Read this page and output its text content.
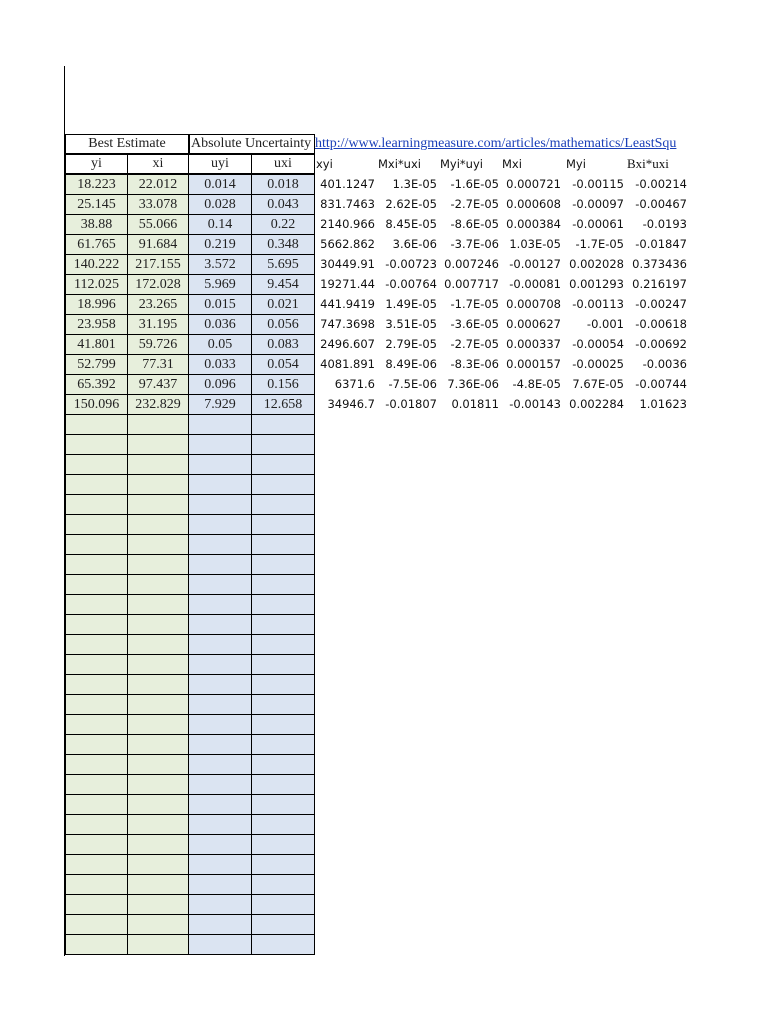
Best Estimate	Absolute Uncertainty http://www.learningmeasure.com/articles/mathematics/LeastSqu
yi	xi	uyi	uxi	xyi	Mxi*uxi Myi*uyi Mxi	Myi	Bxi*uxi
18.223	22.012	0.014	0.018	401.1247 1.3E-05 -1.6E-05 0.000721 -0.00115 -0.00214
25.145	33.078	0.028	0.043	831.7463 2.62E-05 -2.7E-05 0.000608 -0.00097 -0.00467
38.88	55.066	0.14	0.22	2140.966 8.45E-05 -8.6E-05 0.000384 -0.00061 -0.0193
61.765	91.684	0.219	0.348	5662.862 3.6E-06 -3.7E-06 1.03E-05 -1.7E-05 -0.01847
140.222	217.155	3.572	5.695	30449.91 -0.00723 0.007246 -0.00127 0.002028 0.373436
112.025	172.028	5.969	9.454	19271.44 -0.00764 0.007717 -0.00081 0.001293 0.216197
18.996	23.265	0.015	0.021	441.9419 1.49E-05 -1.7E-05 0.000708 -0.00113 -0.00247
23.958	31.195	0.036	0.056	747.3698 3.51E-05 -3.6E-05 0.000627 -0.001 -0.00618
41.801	59.726	0.05	0.083	2496.607 2.79E-05 -2.7E-05 0.000337 -0.00054 -0.00692
52.799	77.31	0.033	0.054	4081.891 8.49E-06 -8.3E-06 0.000157 -0.00025 -0.0036
65.392	97.437	0.096	0.156	6371.6 -7.5E-06 7.36E-06 -4.8E-05 7.67E-05 -0.00744
150.096	232.829	7.929	12.658	34946.7 -0.01807 0.01811 -0.00143 0.002284 1.01623
